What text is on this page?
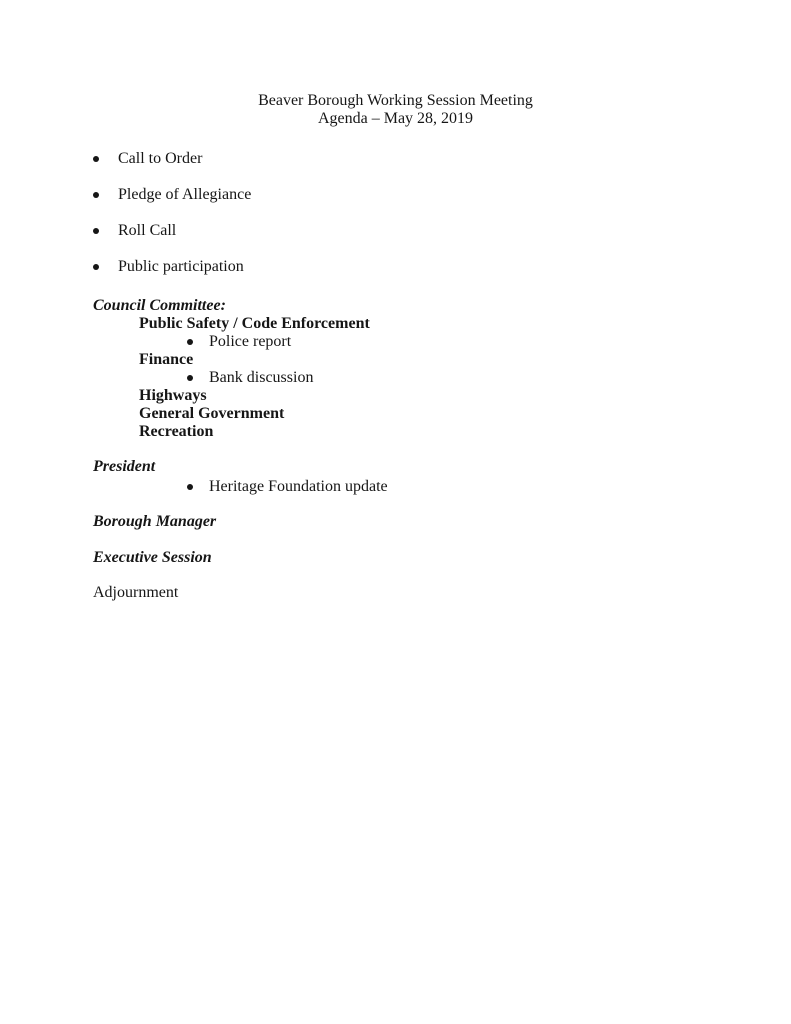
Beaver Borough Working Session Meeting
Agenda – May 28, 2019
Call to Order
Pledge of Allegiance
Roll Call
Public participation
Council Committee:
Public Safety / Code Enforcement
Police report
Finance
Bank discussion
Highways
General Government
Recreation
President
Heritage Foundation update
Borough Manager
Executive Session
Adjournment
